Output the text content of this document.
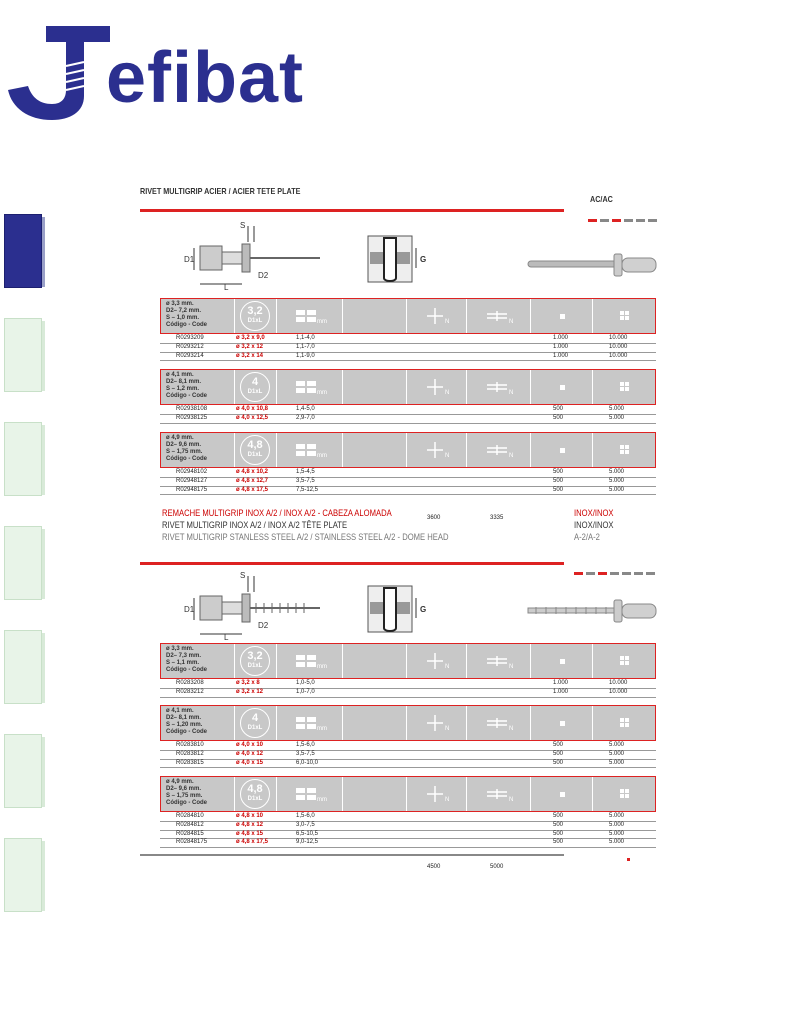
efibat
RIVET MULTIGRIP ACIER / ACIER TETE PLATE
AC/AC
S
D1
D2
L
G
ø 3,3 mm.
D2– 7,2 mm.
S – 1,0 mm.
Código - Code
3,2
D1xL	mm	N	N
R0293209	ø 3,2 x 9,0	1,1-4,0	1.000	10.000
R0293212	ø 3,2 x 12	1,1-7,0	1.000	10.000
R0293214	ø 3,2 x 14	1,1-9,0	1.000	10.000
ø 4,1 mm.
D2– 8,1 mm.
S – 1,2 mm.
Código - Code
4
D1xL	mm	N	N
R02938108	ø 4,0 x 10,8	1,4-5,0	500	5.000
R02938125	ø 4,0 x 12,5	2,9-7,0	500	5.000
ø 4,9 mm.
D2– 9,6 mm.
S – 1,75 mm.
Código - Code
4,8
D1xL	mm	N	N
R02948102	ø 4,8 x 10,2	1,5-4,5	500	5.000
R02948127	ø 4,8 x 12,7	3,5-7,5	500	5.000
R02948175	ø 4,8 x 17,5	7,5-12,5	500	5.000
3600	3335
REMACHE MULTIGRIP INOX A/2 / INOX A/2 - CABEZA ALOMADA
RIVET MULTIGRIP INOX A/2 / INOX A/2 TÊTE PLATE
RIVET MULTIGRIP STANLESS STEEL A/2 / STAINLESS STEEL A/2 - DOME HEAD
INOX/INOX
INOX/INOX
A-2/A-2
S
D1
D2
L
G
ø 3,3 mm.
D2– 7,3 mm.
S – 1,1 mm.
Código - Code
3,2
D1xL	mm	N	N
R0283208	ø 3,2 x 8	1,0-5,0	1.000	10.000
R0283212	ø 3,2 x 12	1,0-7,0	1.000	10.000
ø 4,1 mm.
D2– 8,1 mm.
S – 1,20 mm.
Código - Code
4
D1xL	mm	N	N
R0283810	ø 4,0 x 10	1,5-6,0	500	5.000
R0283812	ø 4,0 x 12	3,5-7,5	500	5.000
R0283815	ø 4,0 x 15	6,0-10,0	500	5.000
ø 4,9 mm.
D2– 9,6 mm.
S – 1,75 mm.
Código - Code
4,8
D1xL	mm	N	N
R0284810	ø 4,8 x 10	1,5-6,0	500	5.000
R0284812	ø 4,8 x 12	3,0-7,5	500	5.000
R0284815	ø 4,8 x 15	6,5-10,5	500	5.000
R02848175	ø 4,8 x 17,5	9,0-12,5	500	5.000
4500	5000
